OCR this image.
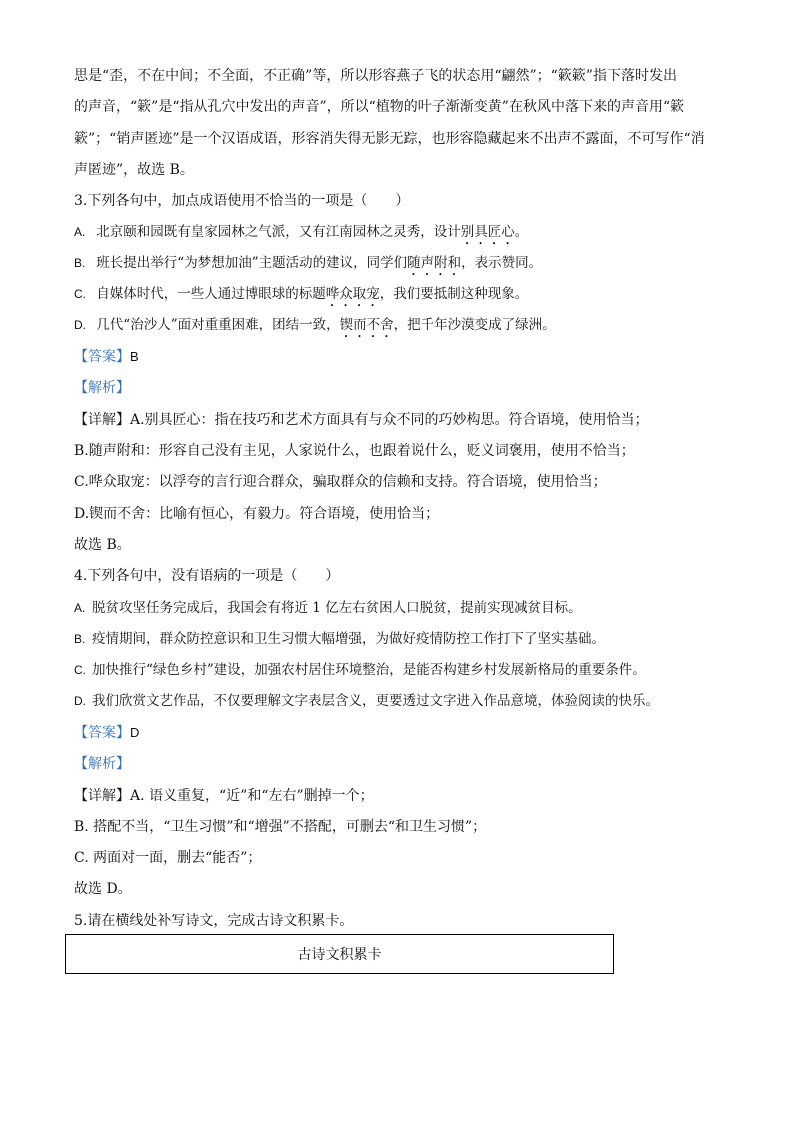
思是“歪，不在中间；不全面，不正确”等，所以形容燕子飞的状态用“翩然”；“簌簌”指下落时发出
的声音，“簌”是“指从孔穴中发出的声音”，所以“植物的叶子渐渐变黄”在秋风中落下来的声音用“簌
簌”；“销声匿迹”是一个汉语成语，形容消失得无影无踪，也形容隐藏起来不出声不露面，不可写作“消
声匿迹”，故选 B。
3.下列各句中，加点成语使用不恰当的一项是（　　）
A. 北京颐和园既有皇家园林之气派，又有江南园林之灵秀，设计别具匠心。
B. 班长提出举行“为梦想加油”主题活动的建议，同学们随声附和，表示赞同。
C. 自媒体时代，一些人通过博眼球的标题哗众取宠，我们要抵制这种现象。
D. 几代“治沙人”面对重重困难，团结一致，锲而不舍，把千年沙漠变成了绿洲。
【答案】B
【解析】
【详解】A.别具匠心：指在技巧和艺术方面具有与众不同的巧妙构思。符合语境，使用恰当；
B.随声附和：形容自己没有主见，人家说什么，也跟着说什么，贬义词褒用，使用不恰当；
C.哗众取宠：以浮夸的言行迎合群众，骗取群众的信赖和支持。符合语境，使用恰当；
D.锲而不舍：比喻有恒心，有毅力。符合语境，使用恰当；
故选 B。
4.下列各句中，没有语病的一项是（　　）
A. 脱贫攻坚任务完成后，我国会有将近 1 亿左右贫困人口脱贫，提前实现减贫目标。
B. 疫情期间，群众防控意识和卫生习惯大幅增强，为做好疫情防控工作打下了坚实基础。
C. 加快推行“绿色乡村”建设，加强农村居住环境整治，是能否构建乡村发展新格局的重要条件。
D. 我们欣赏文艺作品，不仅要理解文字表层含义，更要透过文字进入作品意境，体验阅读的快乐。
【答案】D
【解析】
【详解】A. 语义重复，“近”和“左右”删掉一个；
B. 搭配不当，“卫生习惯”和“增强”不搭配，可删去“和卫生习惯”；
C. 两面对一面，删去“能否”；
故选 D。
5.请在横线处补写诗文，完成古诗文积累卡。
古诗文积累卡
